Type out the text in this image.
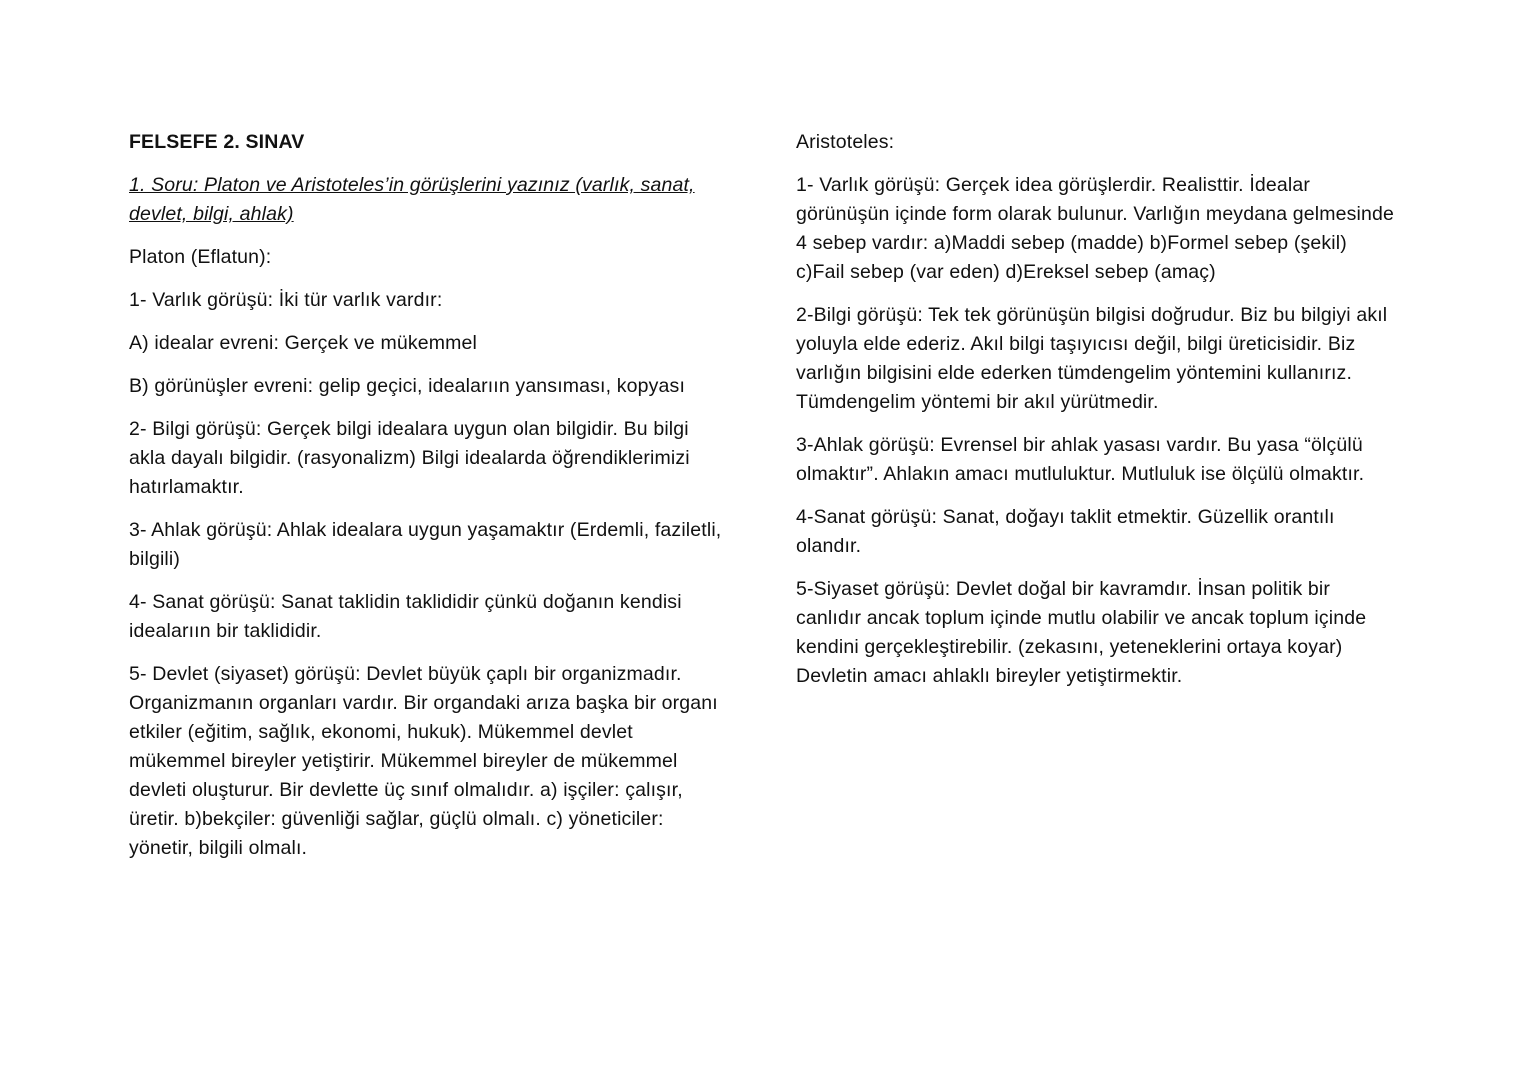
FELSEFE 2. SINAV
1. Soru: Platon ve Aristoteles’in görüşlerini yazınız (varlık, sanat, devlet, bilgi, ahlak)
Platon (Eflatun):
1- Varlık görüşü: İki tür varlık vardır:
A) idealar evreni: Gerçek ve mükemmel
B) görünüşler evreni: gelip geçici, idealarıın yansıması, kopyası
2- Bilgi görüşü: Gerçek bilgi idealara uygun olan bilgidir. Bu bilgi akla dayalı bilgidir. (rasyonalizm) Bilgi idealarda öğrendiklerimizi hatırlamaktır.
3- Ahlak görüşü: Ahlak idealara uygun yaşamaktır (Erdemli, faziletli, bilgili)
4- Sanat görüşü: Sanat taklidin taklididir çünkü doğanın kendisi idealarıın bir taklididir.
5- Devlet (siyaset) görüşü: Devlet büyük çaplı bir organizmadır. Organizmanın organları vardır. Bir organdaki arıza başka bir organı etkiler (eğitim, sağlık, ekonomi, hukuk). Mükemmel devlet mükemmel bireyler yetiştirir. Mükemmel bireyler de mükemmel devleti oluşturur. Bir devlette üç sınıf olmalıdır. a) işçiler: çalışır, üretir. b)bekçiler: güvenliği sağlar, güçlü olmalı. c) yöneticiler: yönetir, bilgili olmalı.
Aristoteles:
1- Varlık görüşü: Gerçek idea görüşlerdir. Realisttir. İdealar görünüşün içinde form olarak bulunur. Varlığın meydana gelmesinde 4 sebep vardır: a)Maddi sebep (madde) b)Formel sebep (şekil) c)Fail sebep (var eden) d)Ereksel sebep (amaç)
2-Bilgi görüşü: Tek tek görünüşün bilgisi doğrudur. Biz bu bilgiyi akıl yoluyla elde ederiz. Akıl bilgi taşıyıcısı değil, bilgi üreticisidir. Biz varlığın bilgisini elde ederken tümdengelim yöntemini kullanırız. Tümdengelim yöntemi bir akıl yürütmedir.
3-Ahlak görüşü: Evrensel bir ahlak yasası vardır. Bu yasa “ölçülü olmaktır”. Ahlakın amacı mutluluktur. Mutluluk ise ölçülü olmaktır.
4-Sanat görüşü: Sanat, doğayı taklit etmektir. Güzellik orantılı olandır.
5-Siyaset görüşü: Devlet doğal bir kavramdır. İnsan politik bir canlıdır ancak toplum içinde mutlu olabilir ve ancak toplum içinde kendini gerçekleştirebilir. (zekasını, yeteneklerini ortaya koyar) Devletin amacı ahlaklı bireyler yetiştirmektir.
